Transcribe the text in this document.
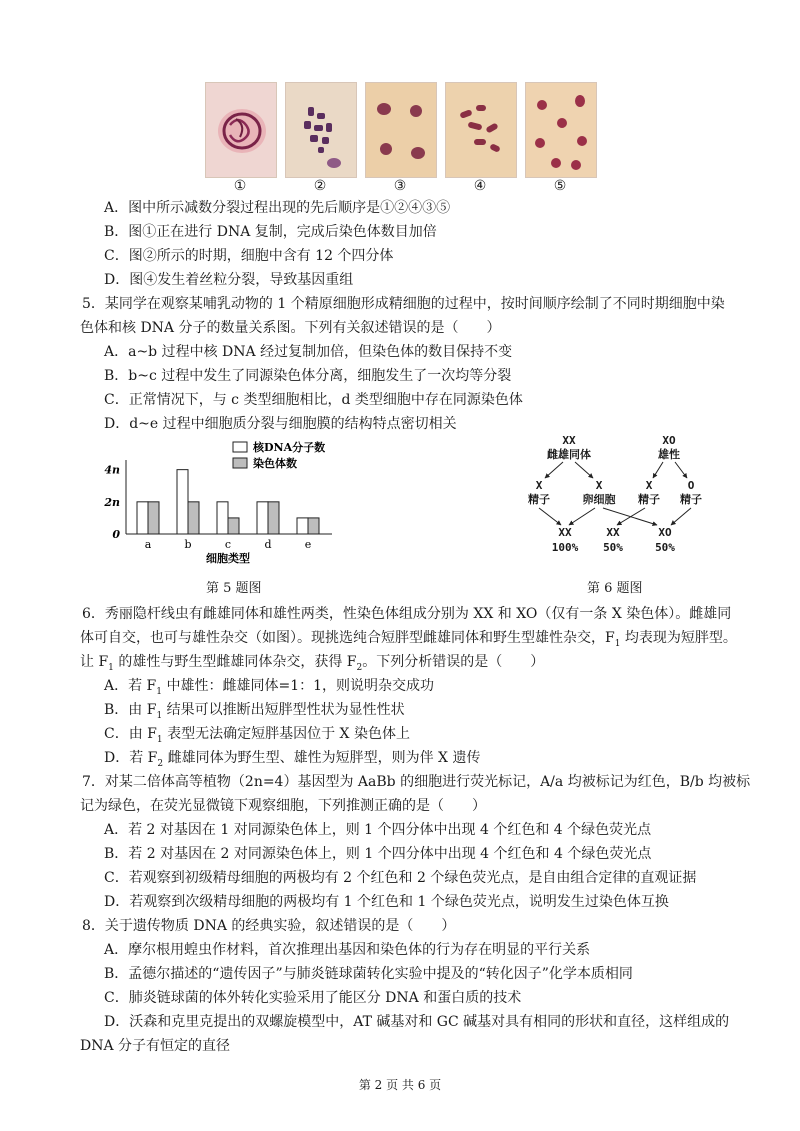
①	②	③	④	⑤
A．图中所示减数分裂过程出现的先后顺序是①②④③⑤
B．图①正在进行 DNA 复制，完成后染色体数目加倍
C．图②所示的时期，细胞中含有 12 个四分体
D．图④发生着丝粒分裂，导致基因重组
5．某同学在观察某哺乳动物的 1 个精原细胞形成精细胞的过程中，按时间顺序绘制了不同时期细胞中染
色体和核 DNA 分子的数量关系图。下列有关叙述错误的是（　　）
A．a~b 过程中核 DNA 经过复制加倍，但染色体的数目保持不变
B．b~c 过程中发生了同源染色体分离，细胞发生了一次均等分裂
C．正常情况下，与 c 类型细胞相比，d 类型细胞中存在同源染色体
D．d~e 过程中细胞质分裂与细胞膜的结构特点密切相关
核DNA分子数
染色体数
0
2n
4n
a	b	c	d	e
细胞类型
第 5 题图
XX
雌雄同体
XO
雄性
X
精子
X
卵细胞
X
精子
O
精子
XX
100%
XX
50%
XO
50%
第 6 题图
6．秀丽隐杆线虫有雌雄同体和雄性两类，性染色体组成分别为 XX 和 XO（仅有一条 X 染色体）。雌雄同
体可自交，也可与雄性杂交（如图）。现挑选纯合短胖型雌雄同体和野生型雄性杂交，$F_1$ 均表现为短胖型。
让 $F_1$ 的雄性与野生型雌雄同体杂交，获得 $F_2$。下列分析错误的是（　　）
A．若 $F_1$ 中雄性：雌雄同体=1：1，则说明杂交成功
B．由 $F_1$ 结果可以推断出短胖型性状为显性性状
C．由 $F_1$ 表型无法确定短胖基因位于 X 染色体上
D．若 $F_2$ 雌雄同体为野生型、雄性为短胖型，则为伴 X 遗传
7．对某二倍体高等植物（2n=4）基因型为 AaBb 的细胞进行荧光标记，A/a 均被标记为红色，B/b 均被标
记为绿色，在荧光显微镜下观察细胞，下列推测正确的是（　　）
A．若 2 对基因在 1 对同源染色体上，则 1 个四分体中出现 4 个红色和 4 个绿色荧光点
B．若 2 对基因在 2 对同源染色体上，则 1 个四分体中出现 4 个红色和 4 个绿色荧光点
C．若观察到初级精母细胞的两极均有 2 个红色和 2 个绿色荧光点，是自由组合定律的直观证据
D．若观察到次级精母细胞的两极均有 1 个红色和 1 个绿色荧光点，说明发生过染色体互换
8．关于遗传物质 DNA 的经典实验，叙述错误的是（　　）
A．摩尔根用蝗虫作材料，首次推理出基因和染色体的行为存在明显的平行关系
B．孟德尔描述的“遗传因子”与肺炎链球菌转化实验中提及的“转化因子”化学本质相同
C．肺炎链球菌的体外转化实验采用了能区分 DNA 和蛋白质的技术
D．沃森和克里克提出的双螺旋模型中，AT 碱基对和 GC 碱基对具有相同的形状和直径，这样组成的
DNA 分子有恒定的直径
第 2 页 共 6 页
